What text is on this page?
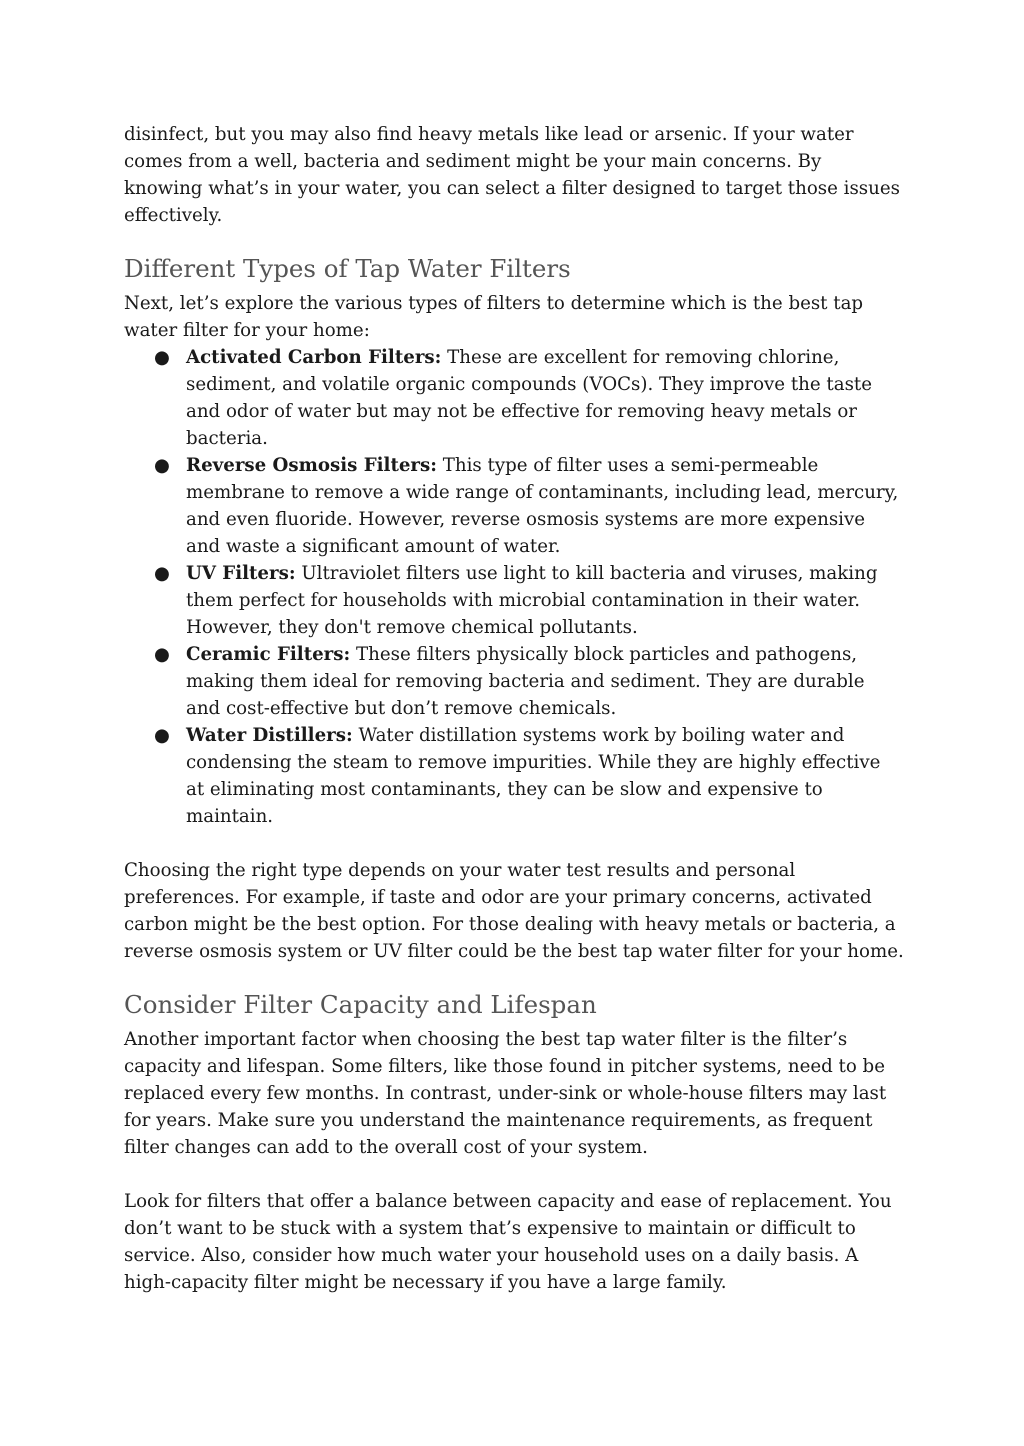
disinfect, but you may also find heavy metals like lead or arsenic. If your water comes from a well, bacteria and sediment might be your main concerns. By knowing what’s in your water, you can select a filter designed to target those issues effectively.

Different Types of Tap Water Filters

Next, let’s explore the various types of filters to determine which is the best tap water filter for your home:

● Activated Carbon Filters: These are excellent for removing chlorine, sediment, and volatile organic compounds (VOCs). They improve the taste and odor of water but may not be effective for removing heavy metals or bacteria.
● Reverse Osmosis Filters: This type of filter uses a semi-permeable membrane to remove a wide range of contaminants, including lead, mercury, and even fluoride. However, reverse osmosis systems are more expensive and waste a significant amount of water.
● UV Filters: Ultraviolet filters use light to kill bacteria and viruses, making them perfect for households with microbial contamination in their water. However, they don't remove chemical pollutants.
● Ceramic Filters: These filters physically block particles and pathogens, making them ideal for removing bacteria and sediment. They are durable and cost-effective but don’t remove chemicals.
● Water Distillers: Water distillation systems work by boiling water and condensing the steam to remove impurities. While they are highly effective at eliminating most contaminants, they can be slow and expensive to maintain.

Choosing the right type depends on your water test results and personal preferences. For example, if taste and odor are your primary concerns, activated carbon might be the best option. For those dealing with heavy metals or bacteria, a reverse osmosis system or UV filter could be the best tap water filter for your home.

Consider Filter Capacity and Lifespan

Another important factor when choosing the best tap water filter is the filter’s capacity and lifespan. Some filters, like those found in pitcher systems, need to be replaced every few months. In contrast, under-sink or whole-house filters may last for years. Make sure you understand the maintenance requirements, as frequent filter changes can add to the overall cost of your system.

Look for filters that offer a balance between capacity and ease of replacement. You don’t want to be stuck with a system that’s expensive to maintain or difficult to service. Also, consider how much water your household uses on a daily basis. A high-capacity filter might be necessary if you have a large family.
